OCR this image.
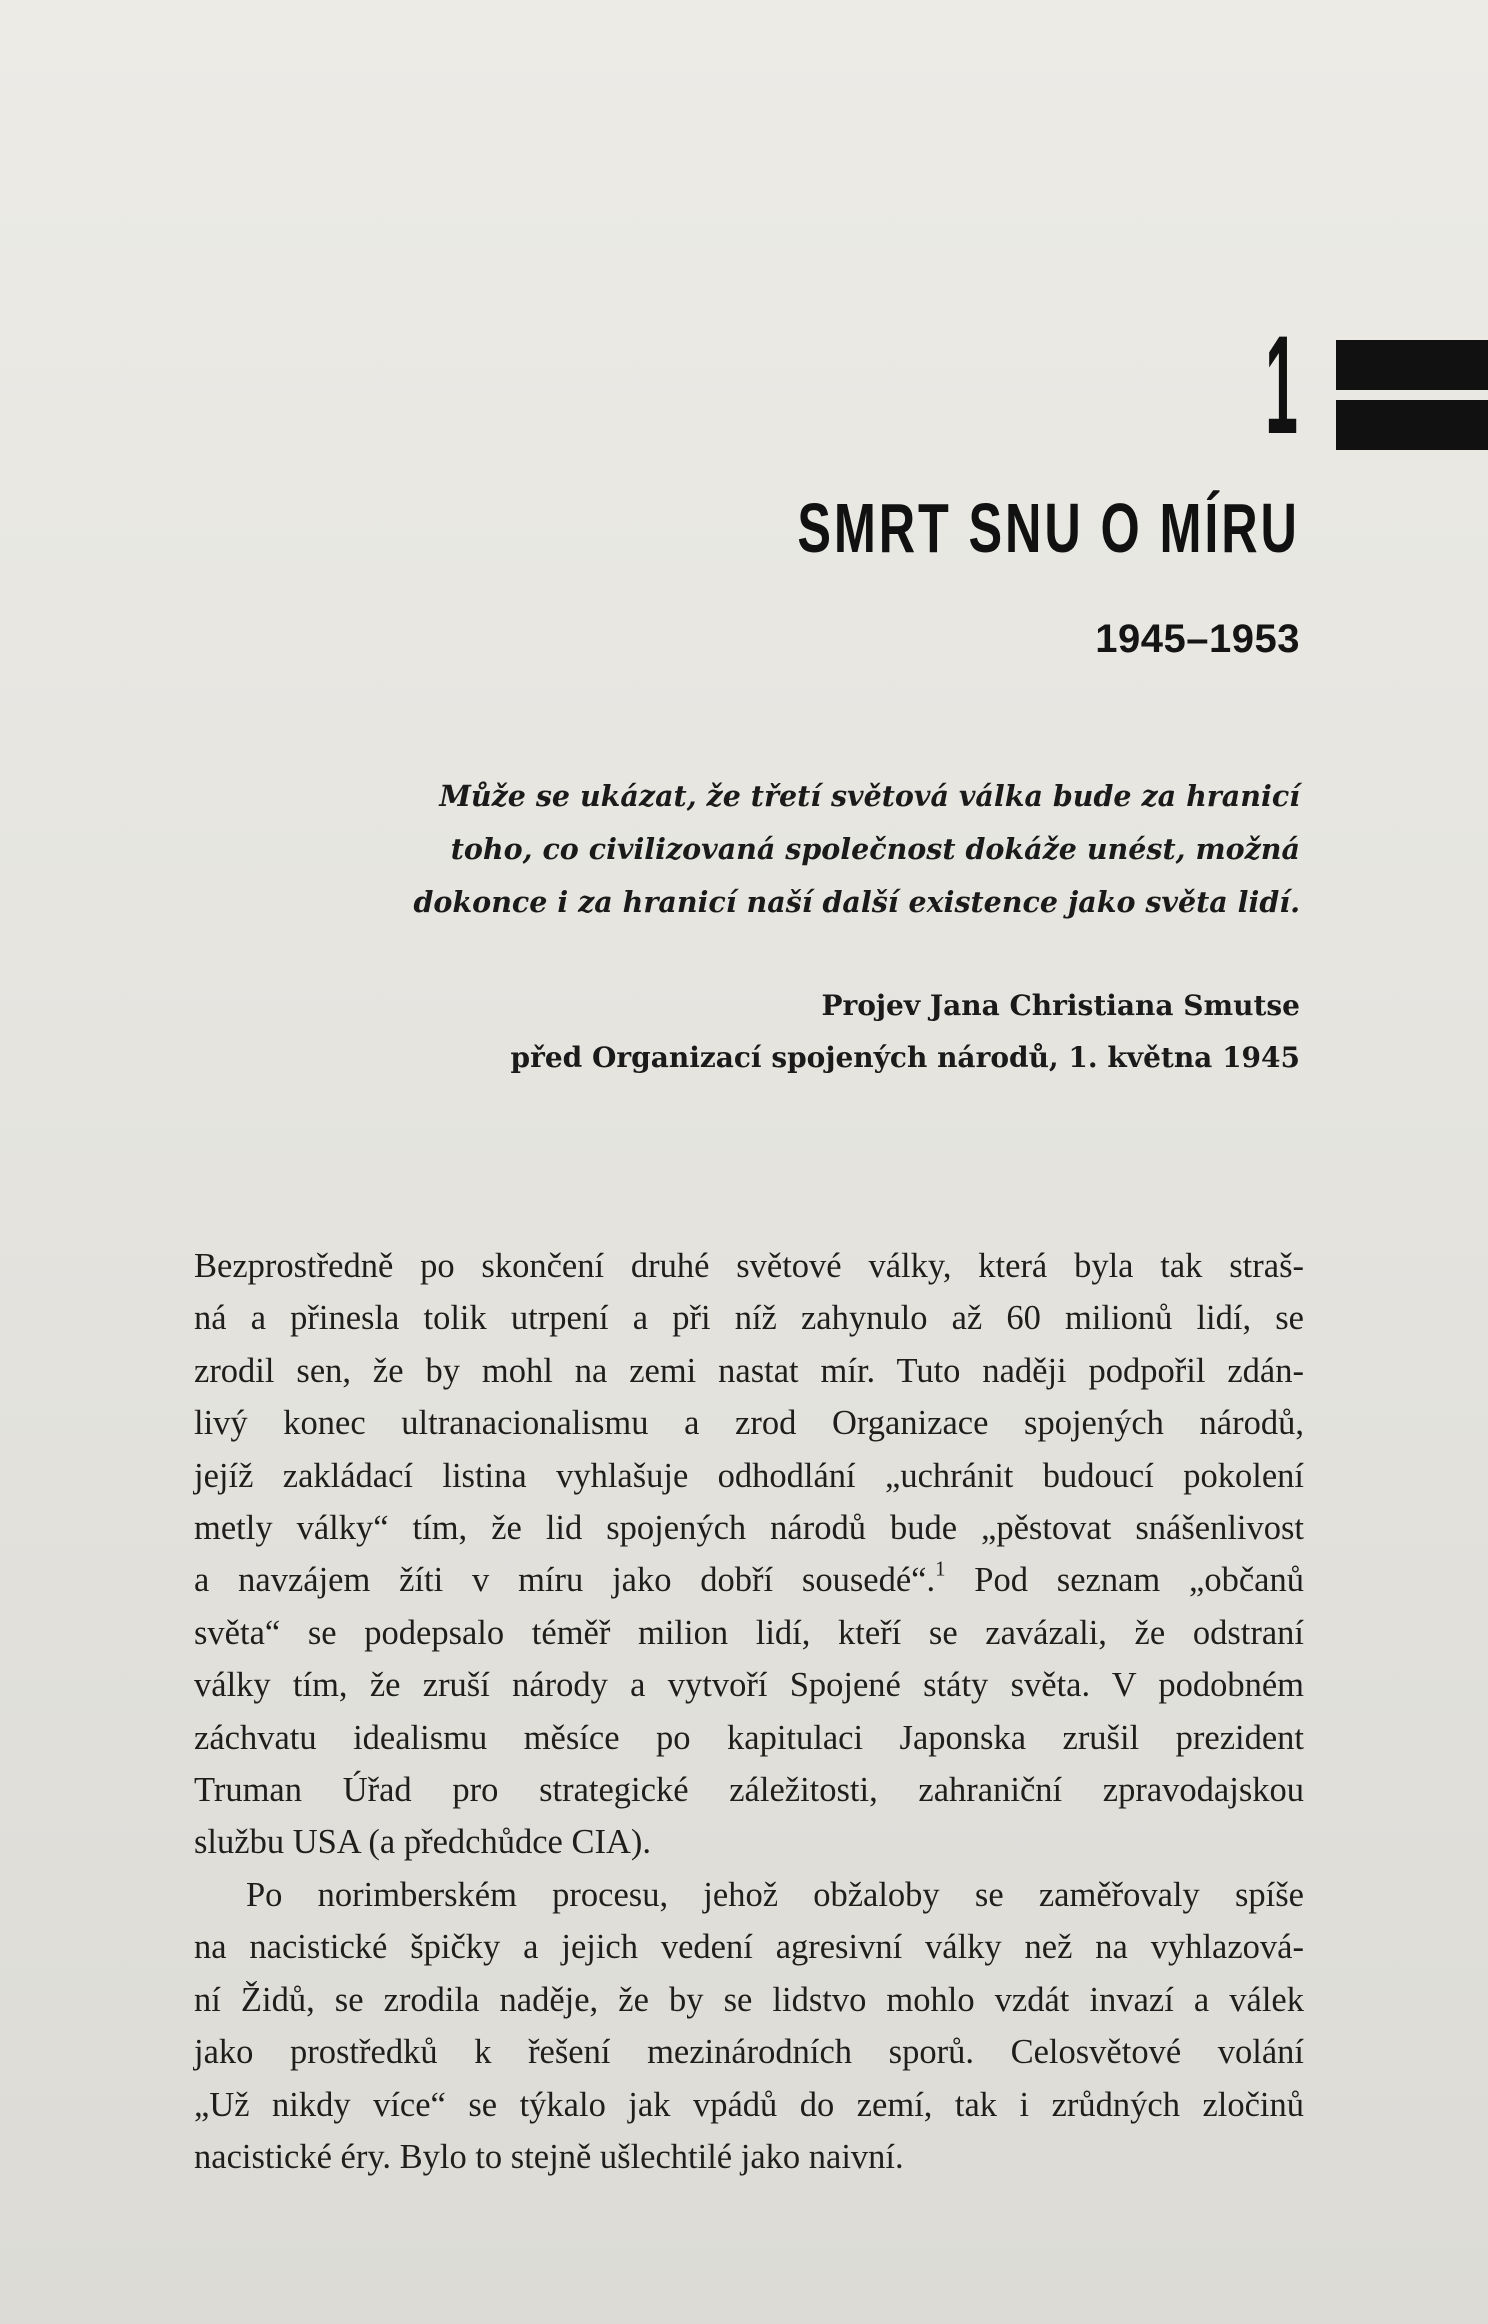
1
SMRT SNU O MÍRU
1945–1953
Může se ukázat, že třetí světová válka bude za hranicí
toho, co civilizovaná společnost dokáže unést, možná
dokonce i za hranicí naší další existence jako světa lidí.
Projev Jana Christiana Smutse
před Organizací spojených národů, 1. května 1945
Bezprostředně po skončení druhé světové války, která byla tak straš-
ná a přinesla tolik utrpení a při níž zahynulo až 60 milionů lidí, se
zrodil sen, že by mohl na zemi nastat mír. Tuto naději podpořil zdán-
livý konec ultranacionalismu a zrod Organizace spojených národů,
jejíž zakládací listina vyhlašuje odhodlání „uchránit budoucí pokolení
metly války“ tím, že lid spojených národů bude „pěstovat snášenlivost
a navzájem žíti v míru jako dobří sousedé“.$^1$ Pod seznam „občanů
světa“ se podepsalo téměř milion lidí, kteří se zavázali, že odstraní
války tím, že zruší národy a vytvoří Spojené státy světa. V podobném
záchvatu idealismu měsíce po kapitulaci Japonska zrušil prezident
Truman Úřad pro strategické záležitosti, zahraniční zpravodajskou
službu USA (a předchůdce CIA).
Po norimberském procesu, jehož obžaloby se zaměřovaly spíše
na nacistické špičky a jejich vedení agresivní války než na vyhlazová-
ní Židů, se zrodila naděje, že by se lidstvo mohlo vzdát invazí a válek
jako prostředků k řešení mezinárodních sporů. Celosvětové volání
„Už nikdy více“ se týkalo jak vpádů do zemí, tak i zrůdných zločinů
nacistické éry. Bylo to stejně ušlechtilé jako naivní.
